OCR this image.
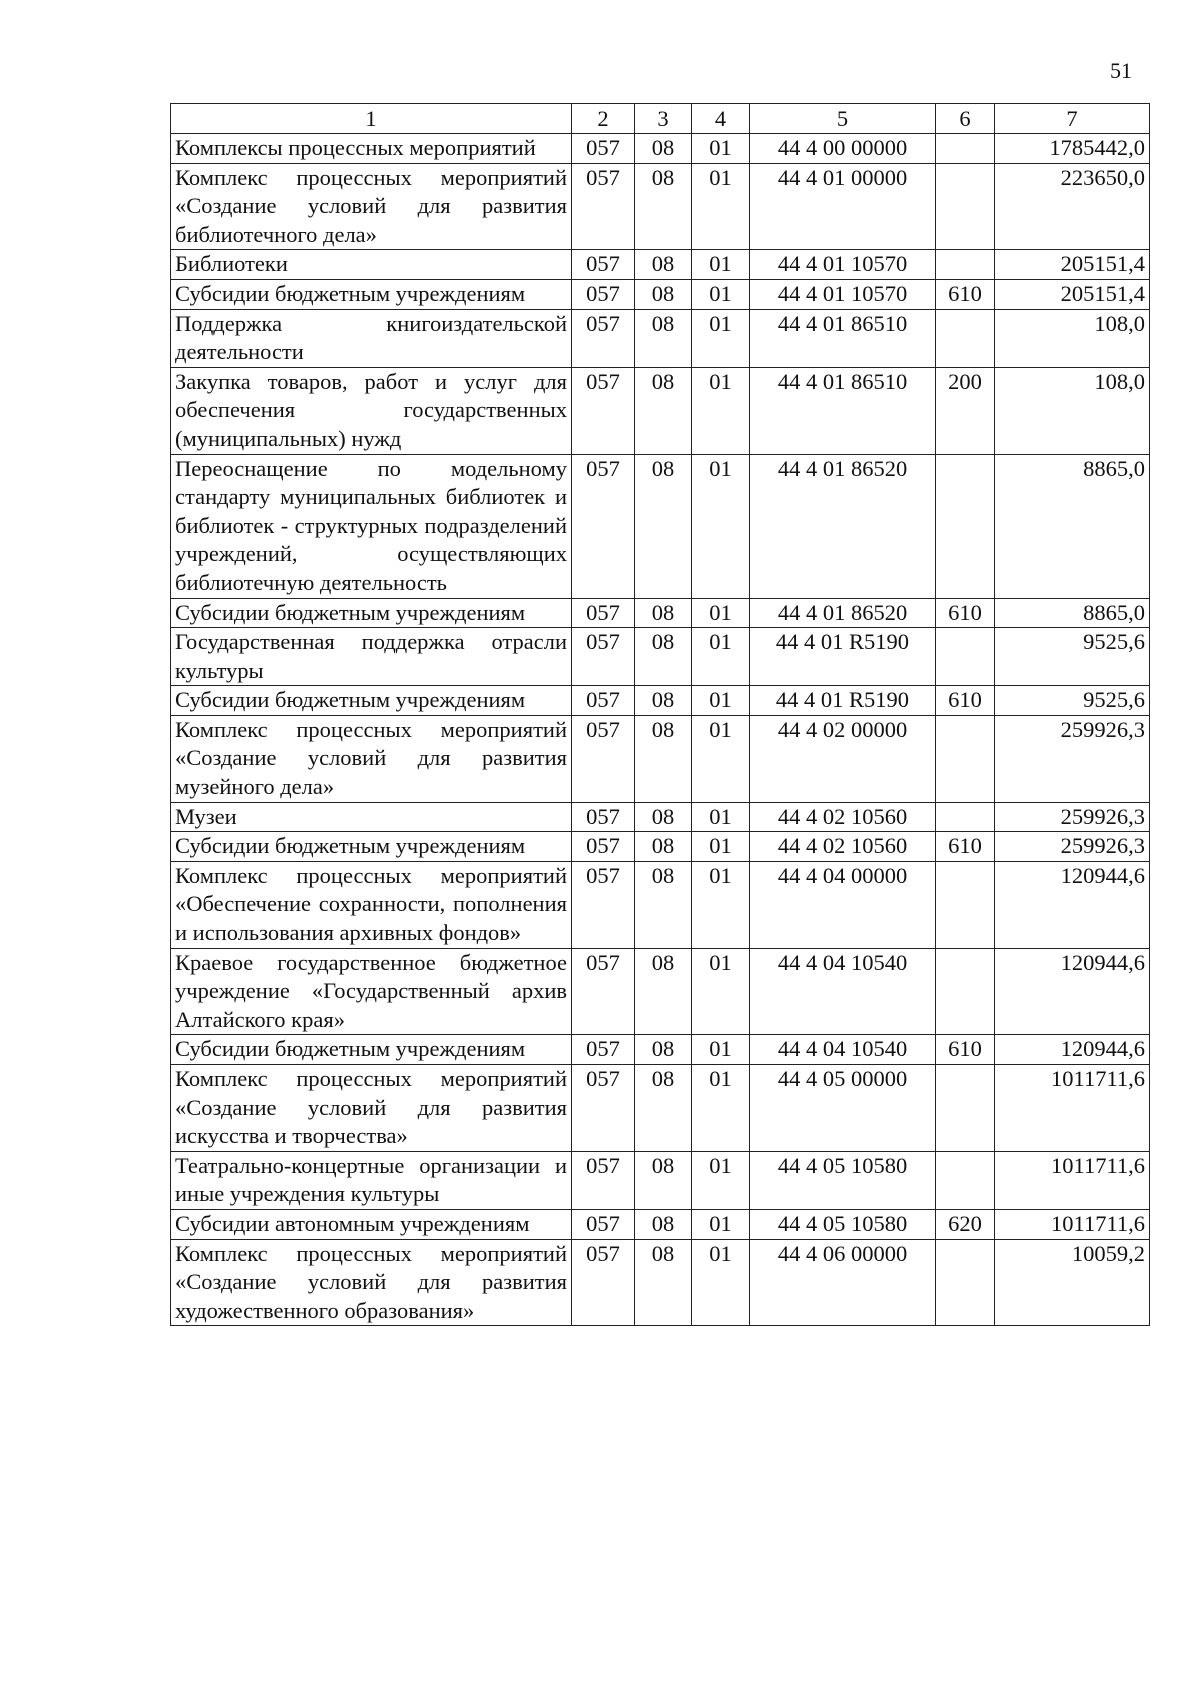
51
1	2	3	4	5	6	7
Комплексы процессных мероприятий	057	08	01	44 4 00 00000		1785442,0
Комплекс процессных мероприятий «Создание условий для развития библиотечного дела»	057	08	01	44 4 01 00000		223650,0
Библиотеки	057	08	01	44 4 01 10570		205151,4
Субсидии бюджетным учреждениям	057	08	01	44 4 01 10570	610	205151,4
Поддержка книгоиздательской деятельности	057	08	01	44 4 01 86510		108,0
Закупка товаров, работ и услуг для обеспечения государственных (муниципальных) нужд	057	08	01	44 4 01 86510	200	108,0
Переоснащение по модельному стандарту муниципальных библиотек и библиотек - структурных подразделений учреждений, осуществляющих библиотечную деятельность	057	08	01	44 4 01 86520		8865,0
Субсидии бюджетным учреждениям	057	08	01	44 4 01 86520	610	8865,0
Государственная поддержка отрасли культуры	057	08	01	44 4 01 R5190		9525,6
Субсидии бюджетным учреждениям	057	08	01	44 4 01 R5190	610	9525,6
Комплекс процессных мероприятий «Создание условий для развития музейного дела»	057	08	01	44 4 02 00000		259926,3
Музеи	057	08	01	44 4 02 10560		259926,3
Субсидии бюджетным учреждениям	057	08	01	44 4 02 10560	610	259926,3
Комплекс процессных мероприятий «Обеспечение сохранности, пополнения и использования архивных фондов»	057	08	01	44 4 04 00000		120944,6
Краевое государственное бюджетное учреждение «Государственный архив Алтайского края»	057	08	01	44 4 04 10540		120944,6
Субсидии бюджетным учреждениям	057	08	01	44 4 04 10540	610	120944,6
Комплекс процессных мероприятий «Создание условий для развития искусства и творчества»	057	08	01	44 4 05 00000		1011711,6
Театрально-концертные организации и иные учреждения культуры	057	08	01	44 4 05 10580		1011711,6
Субсидии автономным учреждениям	057	08	01	44 4 05 10580	620	1011711,6
Комплекс процессных мероприятий «Создание условий для развития художественного образования»	057	08	01	44 4 06 00000		10059,2
